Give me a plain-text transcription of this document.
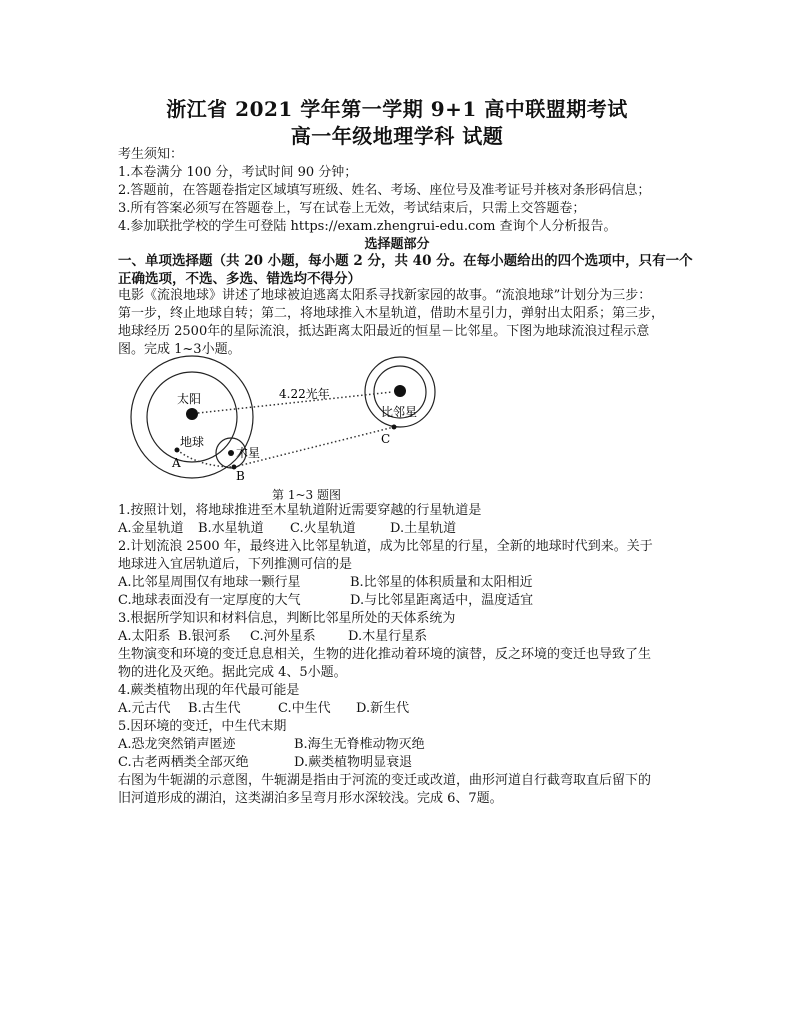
浙江省 2021 学年第一学期 9+1 高中联盟期考试
高一年级地理学科 试题
考生须知：
1.本卷满分 100 分，考试时间 90 分钟；
2.答题前，在答题卷指定区域填写班级、姓名、考场、座位号及准考证号并核对条形码信息；
3.所有答案必须写在答题卷上，写在试卷上无效，考试结束后，只需上交答题卷；
4.参加联批学校的学生可登陆 https://exam.zhengrui-edu.com 查询个人分析报告。
选择题部分
一、单项选择题（共 20 小题，每小题 2 分，共 40 分。在每小题给出的四个选项中，只有一个
正确选项，不选、多选、错选均不得分）
电影《流浪地球》讲述了地球被迫逃离太阳系寻找新家园的故事。“流浪地球”计划分为三步：
第一步，终止地球自转；第二，将地球推入木星轨道，借助木星引力，弹射出太阳系；第三步，
地球经历 2500年的星际流浪，抵达距离太阳最近的恒星－比邻星。下图为地球流浪过程示意
图。完成 1~3小题。
太阳
地球
木星
比邻星
4.22光年
A
B
C
第 1~3 题图
1.按照计划，将地球推进至木星轨道附近需要穿越的行星轨道是
A.金星轨道 B.水星轨道 C.火星轨道	D.土星轨道
2.计划流浪 2500 年，最终进入比邻星轨道，成为比邻星的行星，全新的地球时代到来。关于
地球进入宜居轨道后，下列推测可信的是
A.比邻星周围仅有地球一颗行星	B.比邻星的体积质量和太阳相近
C.地球表面没有一定厚度的大气	D.与比邻星距离适中，温度适宜
3.根据所学知识和材料信息，判断比邻星所处的天体系统为
A.太阳系 B.银河系 C.河外星系 D.木星行星系
生物演变和环境的变迁息息相关，生物的进化推动着环境的演替，反之环境的变迁也导致了生
物的进化及灭绝。据此完成 4、5小题。
4.蕨类植物出现的年代最可能是
A.元古代 B.古生代	C.中生代 D.新生代
5.因环境的变迁，中生代末期
A.恐龙突然销声匿迹	B.海生无脊椎动物灭绝
C.古老两栖类全部灭绝	D.蕨类植物明显衰退
右图为牛轭湖的示意图，牛轭湖是指由于河流的变迁或改道，曲形河道自行截弯取直后留下的
旧河道形成的湖泊，这类湖泊多呈弯月形水深较浅。完成 6、7题。
